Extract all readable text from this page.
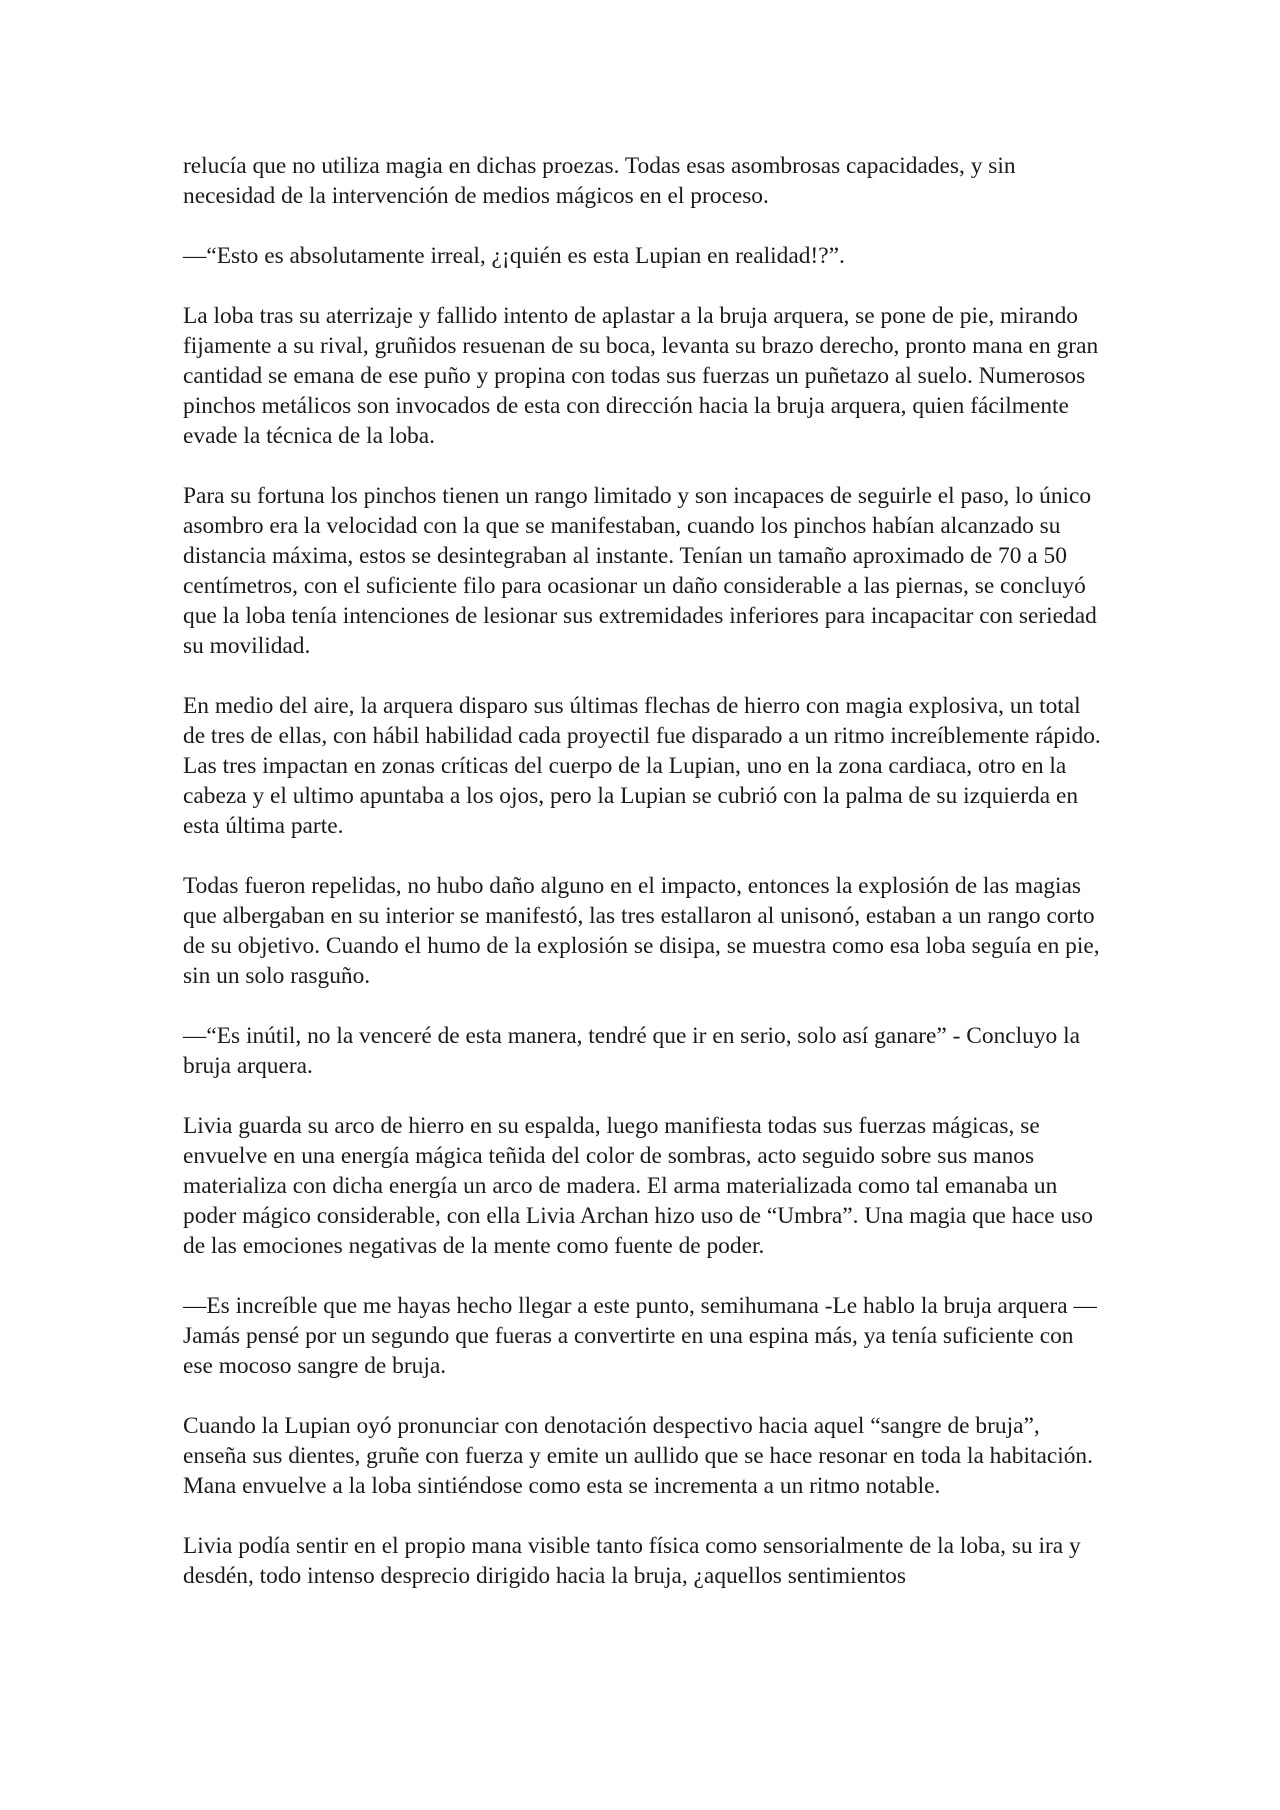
relucía que no utiliza magia en dichas proezas. Todas esas asombrosas capacidades, y sin necesidad de la intervención de medios mágicos en el proceso.

—“Esto es absolutamente irreal, ¿¡quién es esta Lupian en realidad!?”.

La loba tras su aterrizaje y fallido intento de aplastar a la bruja arquera, se pone de pie, mirando fijamente a su rival, gruñidos resuenan de su boca, levanta su brazo derecho, pronto mana en gran cantidad se emana de ese puño y propina con todas sus fuerzas un puñetazo al suelo. Numerosos pinchos metálicos son invocados de esta con dirección hacia la bruja arquera, quien fácilmente evade la técnica de la loba.

Para su fortuna los pinchos tienen un rango limitado y son incapaces de seguirle el paso, lo único asombro era la velocidad con la que se manifestaban, cuando los pinchos habían alcanzado su distancia máxima, estos se desintegraban al instante. Tenían un tamaño aproximado de 70 a 50 centímetros, con el suficiente filo para ocasionar un daño considerable a las piernas, se concluyó que la loba tenía intenciones de lesionar sus extremidades inferiores para incapacitar con seriedad su movilidad.

En medio del aire, la arquera disparo sus últimas flechas de hierro con magia explosiva, un total de tres de ellas, con hábil habilidad cada proyectil fue disparado a un ritmo increíblemente rápido. Las tres impactan en zonas críticas del cuerpo de la Lupian, uno en la zona cardiaca, otro en la cabeza y el ultimo apuntaba a los ojos, pero la Lupian se cubrió con la palma de su izquierda en esta última parte.

Todas fueron repelidas, no hubo daño alguno en el impacto, entonces la explosión de las magias que albergaban en su interior se manifestó, las tres estallaron al unisonó, estaban a un rango corto de su objetivo. Cuando el humo de la explosión se disipa, se muestra como esa loba seguía en pie, sin un solo rasguño.

—“Es inútil, no la venceré de esta manera, tendré que ir en serio, solo así ganare” - Concluyo la bruja arquera.

Livia guarda su arco de hierro en su espalda, luego manifiesta todas sus fuerzas mágicas, se envuelve en una energía mágica teñida del color de sombras, acto seguido sobre sus manos materializa con dicha energía un arco de madera. El arma materializada como tal emanaba un poder mágico considerable, con ella Livia Archan hizo uso de “Umbra”. Una magia que hace uso de las emociones negativas de la mente como fuente de poder.

—Es increíble que me hayas hecho llegar a este punto, semihumana -Le hablo la bruja arquera —Jamás pensé por un segundo que fueras a convertirte en una espina más, ya tenía suficiente con ese mocoso sangre de bruja.

Cuando la Lupian oyó pronunciar con denotación despectivo hacia aquel “sangre de bruja”, enseña sus dientes, gruñe con fuerza y emite un aullido que se hace resonar en toda la habitación. Mana envuelve a la loba sintiéndose como esta se incrementa a un ritmo notable.

Livia podía sentir en el propio mana visible tanto física como sensorialmente de la loba, su ira y desdén, todo intenso desprecio dirigido hacia la bruja, ¿aquellos sentimientos
